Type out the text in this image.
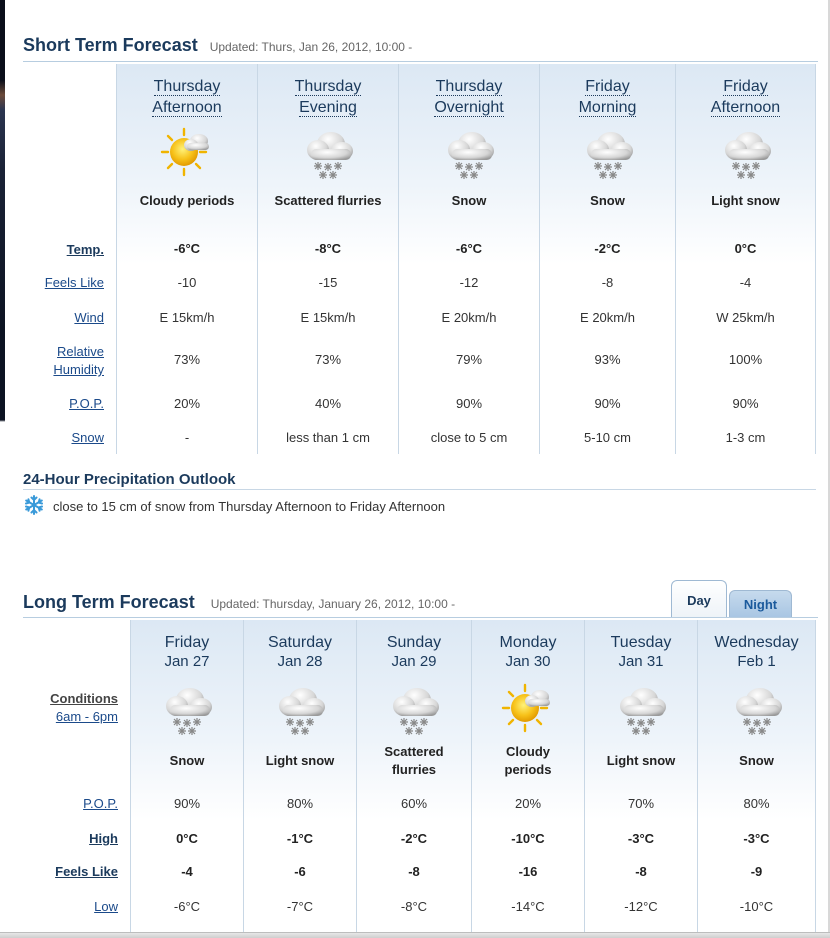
Short Term Forecast Updated: Thurs, Jan 26, 2012, 10:00 -
Temp.
Feels Like
Wind
Relative
Humidity
P.O.P.
Snow
Thursday
Afternoon
Cloudy periods
-6°C
-10
E 15km/h
73%
20%
-
Thursday
Evening
Scattered flurries
-8°C
-15
E 15km/h
73%
40%
less than 1 cm
Thursday
Overnight
Snow
-6°C
-12
E 20km/h
79%
90%
close to 5 cm
Friday
Morning
Snow
-2°C
-8
E 20km/h
93%
90%
5-10 cm
Friday
Afternoon
Light snow
0°C
-4
W 25km/h
100%
90%
1-3 cm
24-Hour Precipitation Outlook
close to 15 cm of snow from Thursday Afternoon to Friday Afternoon
Long Term Forecast Updated: Thursday, January 26, 2012, 10:00 -	Day	Night
Conditions
6am - 6pm
P.O.P.
High
Feels Like
Low
Friday
Jan 27
Snow
90%
0°C
-4
-6°C
Saturday
Jan 28
Light snow
80%
-1°C
-6
-7°C
Sunday
Jan 29
Scattered
flurries
60%
-2°C
-8
-8°C
Monday
Jan 30
Cloudy
periods
20%
-10°C
-16
-14°C
Tuesday
Jan 31
Light snow
70%
-3°C
-8
-12°C
Wednesday
Feb 1
Snow
80%
-3°C
-9
-10°C
